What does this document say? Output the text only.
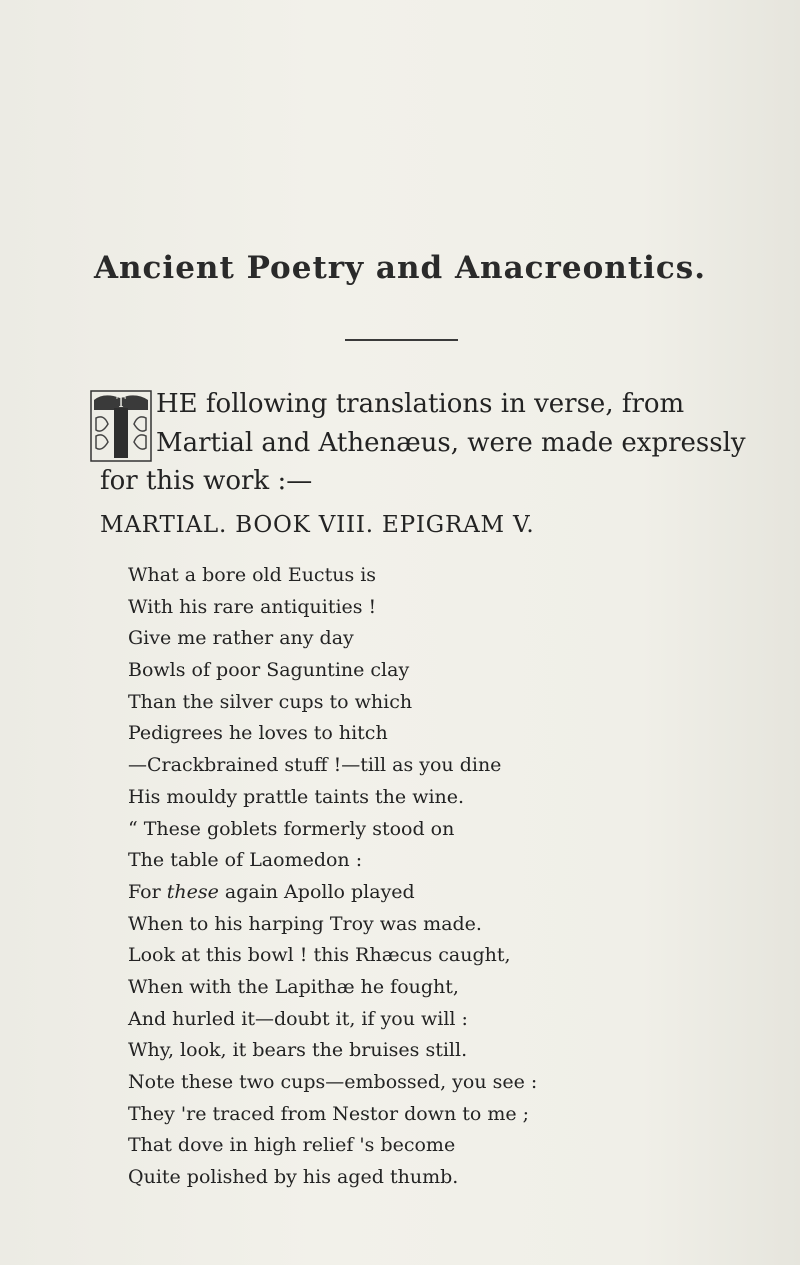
Ancient Poetry and Anacreontics.
T HE following translations in verse, from
Martial and Athenæus, were made expressly
for this work :—
MARTIAL. BOOK VIII. EPIGRAM V.
What a bore old Euctus is
With his rare antiquities !
Give me rather any day
Bowls of poor Saguntine clay
Than the silver cups to which
Pedigrees he loves to hitch
—Crackbrained stuff !—till as you dine
His mouldy prattle taints the wine.
“ These goblets formerly stood on
The table of Laomedon :
For these again Apollo played
When to his harping Troy was made.
Look at this bowl ! this Rhæcus caught,
When with the Lapithæ he fought,
And hurled it—doubt it, if you will :
Why, look, it bears the bruises still.
Note these two cups—embossed, you see :
They 're traced from Nestor down to me ;
That dove in high relief 's become
Quite polished by his aged thumb.
